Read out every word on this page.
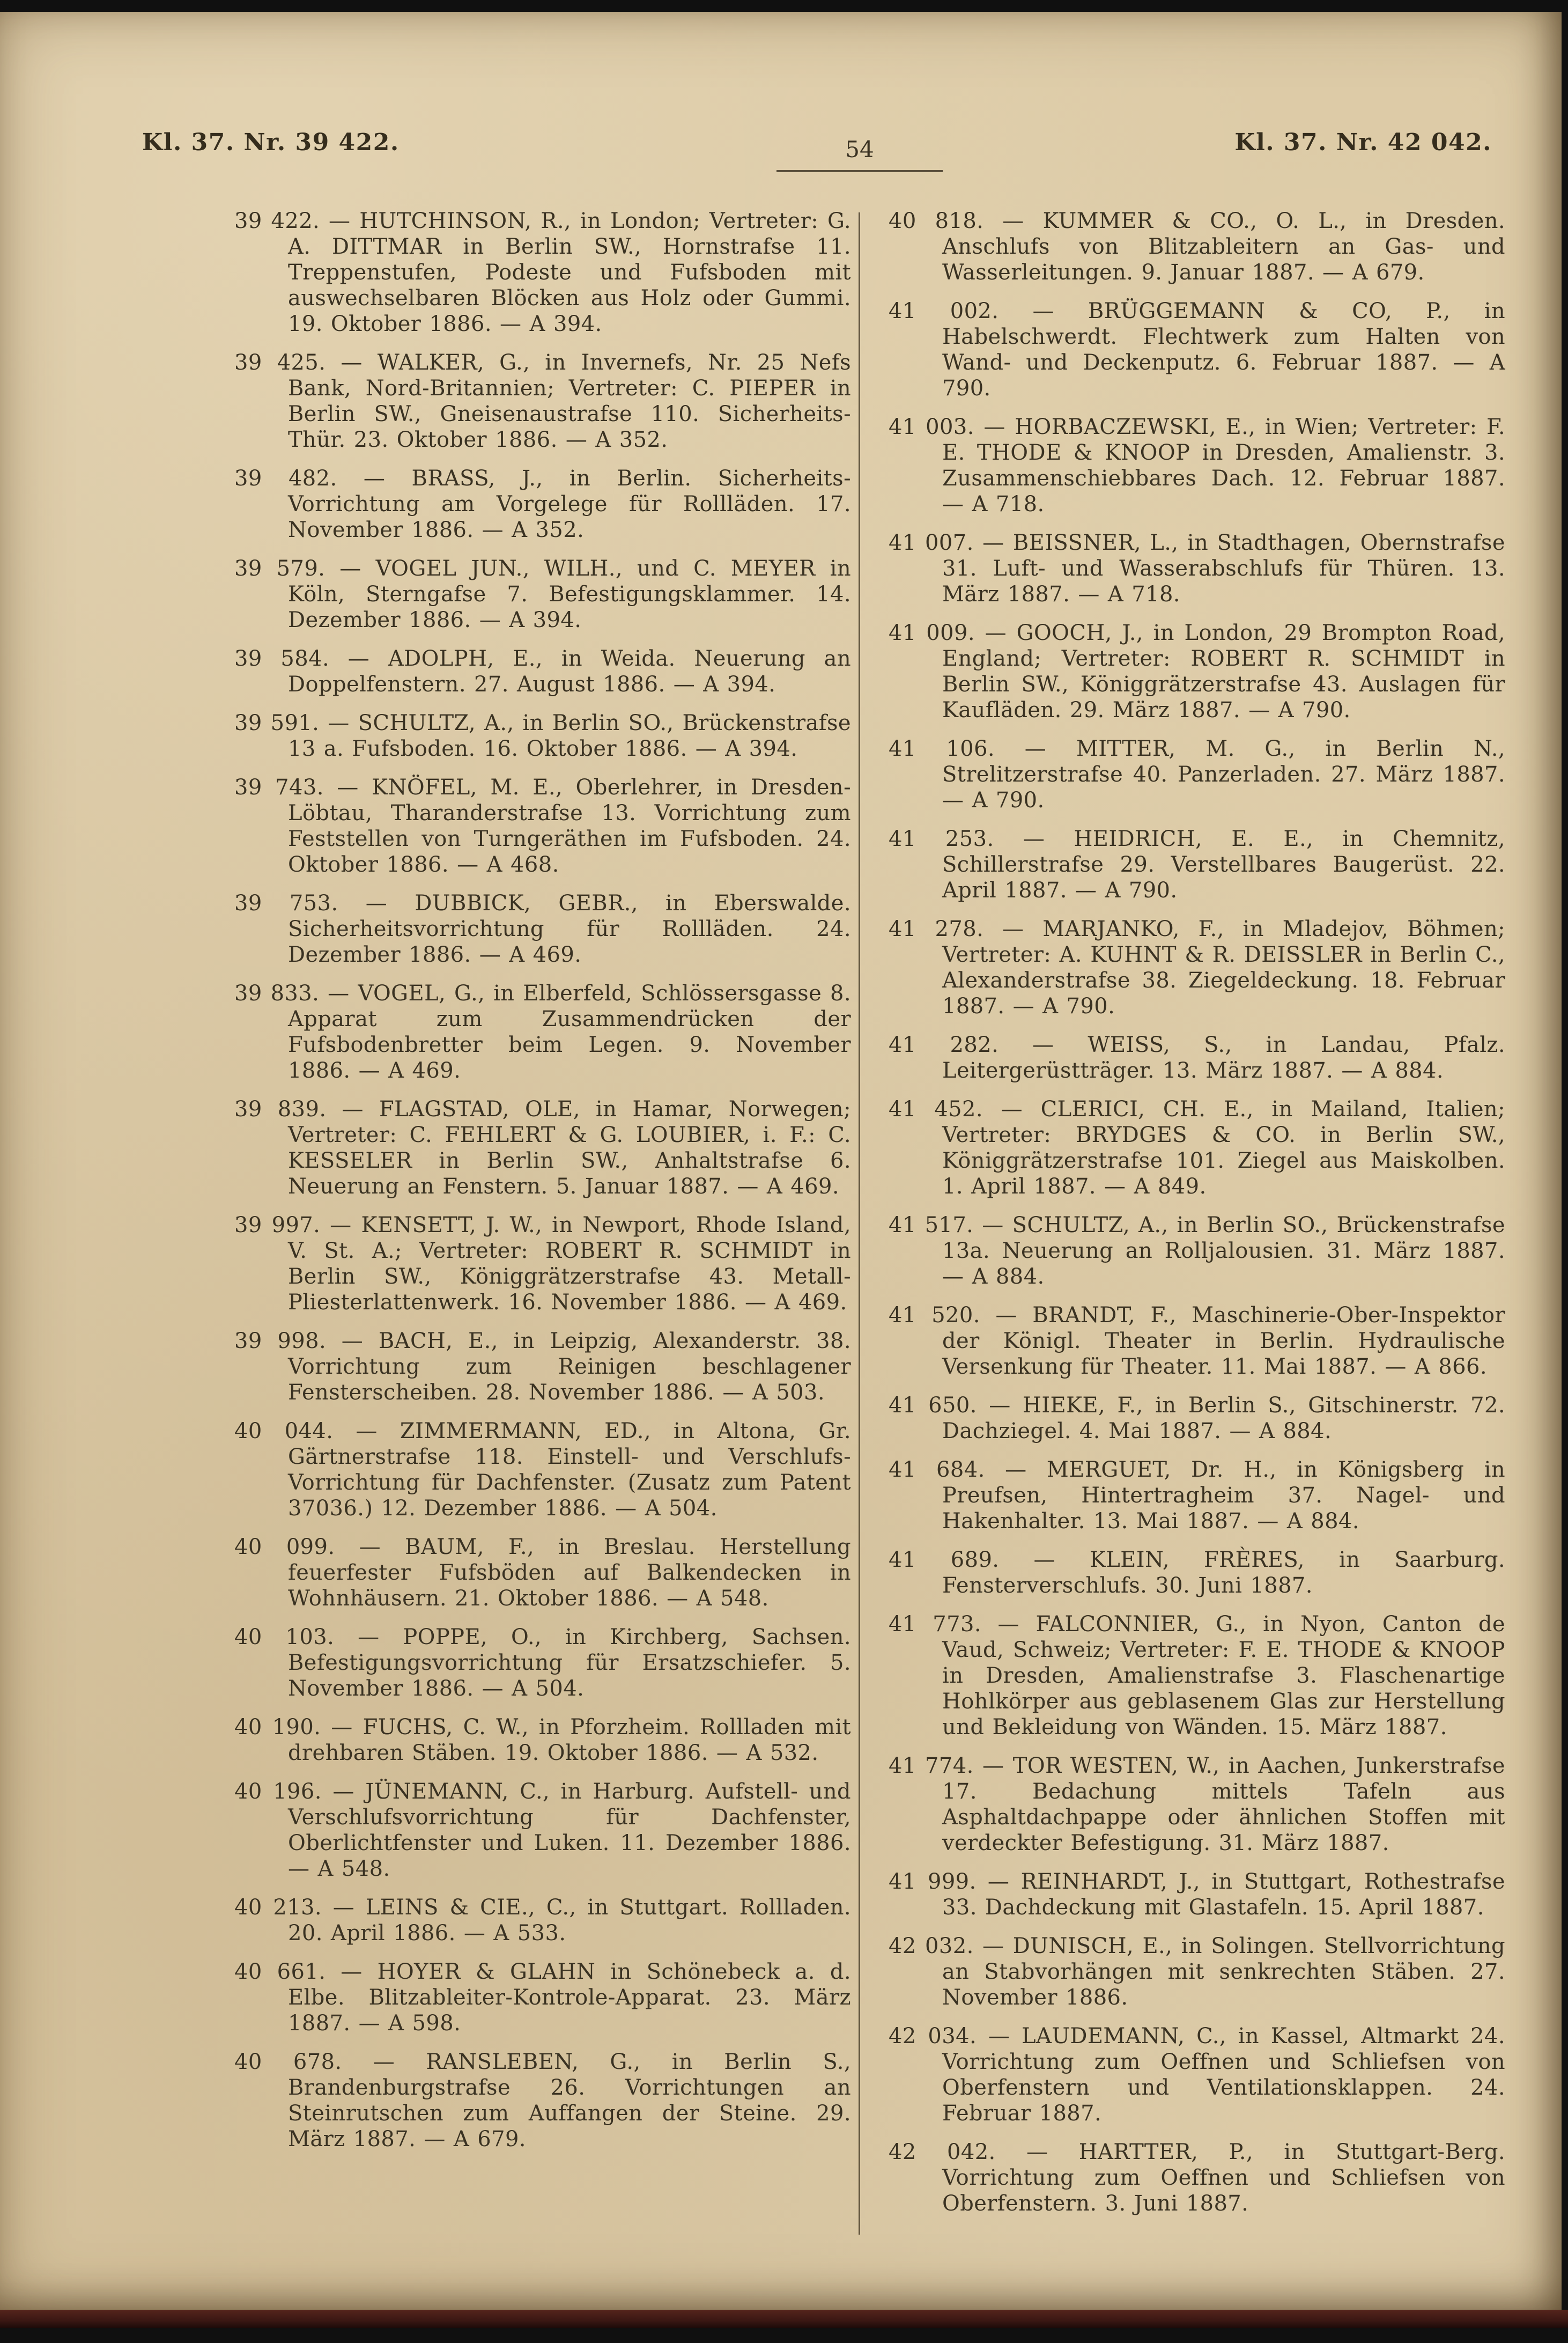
Kl. 37. Nr. 39 422.	54	Kl. 37. Nr. 42 042.

39 422. — HUTCHINSON, R., in London; Vertreter: G. A. DITTMAR in Berlin SW., Hornstrafse 11. Treppenstufen, Podeste und Fufsboden mit auswechselbaren Blöcken aus Holz oder Gummi. 19. Oktober 1886. — A 394.

39 425. — WALKER, G., in Invernefs, Nr. 25 Nefs Bank, Nord-Britannien; Vertreter: C. PIEPER in Berlin SW., Gneisenaustrafse 110. Sicherheits-Thür. 23. Oktober 1886. — A 352.

39 482. — BRASS, J., in Berlin. Sicherheits-Vorrichtung am Vorgelege für Rollläden. 17. November 1886. — A 352.

39 579. — VOGEL JUN., WILH., und C. MEYER in Köln, Sterngafse 7. Befestigungsklammer. 14. Dezember 1886. — A 394.

39 584. — ADOLPH, E., in Weida. Neuerung an Doppelfenstern. 27. August 1886. — A 394.

39 591. — SCHULTZ, A., in Berlin SO., Brückenstrafse 13 a. Fufsboden. 16. Oktober 1886. — A 394.

39 743. — KNÖFEL, M. E., Oberlehrer, in Dresden-Löbtau, Tharanderstrafse 13. Vorrichtung zum Feststellen von Turngeräthen im Fufsboden. 24. Oktober 1886. — A 468.

39 753. — DUBBICK, GEBR., in Eberswalde. Sicherheitsvorrichtung für Rollläden. 24. Dezember 1886. — A 469.

39 833. — VOGEL, G., in Elberfeld, Schlössersgasse 8. Apparat zum Zusammendrücken der Fufsbodenbretter beim Legen. 9. November 1886. — A 469.

39 839. — FLAGSTAD, OLE, in Hamar, Norwegen; Vertreter: C. FEHLERT & G. LOUBIER, i. F.: C. KESSELER in Berlin SW., Anhaltstrafse 6. Neuerung an Fenstern. 5. Januar 1887. — A 469.

39 997. — KENSETT, J. W., in Newport, Rhode Island, V. St. A.; Vertreter: ROBERT R. SCHMIDT in Berlin SW., Königgrätzerstrafse 43. Metall-Pliesterlattenwerk. 16. November 1886. — A 469.

39 998. — BACH, E., in Leipzig, Alexanderstr. 38. Vorrichtung zum Reinigen beschlagener Fensterscheiben. 28. November 1886. — A 503.

40 044. — ZIMMERMANN, ED., in Altona, Gr. Gärtnerstrafse 118. Einstell- und Verschlufs-Vorrichtung für Dachfenster. (Zusatz zum Patent 37036.) 12. Dezember 1886. — A 504.

40 099. — BAUM, F., in Breslau. Herstellung feuerfester Fufsböden auf Balkendecken in Wohnhäusern. 21. Oktober 1886. — A 548.

40 103. — POPPE, O., in Kirchberg, Sachsen. Befestigungsvorrichtung für Ersatzschiefer. 5. November 1886. — A 504.

40 190. — FUCHS, C. W., in Pforzheim. Rollladen mit drehbaren Stäben. 19. Oktober 1886. — A 532.

40 196. — JÜNEMANN, C., in Harburg. Aufstell- und Verschlufsvorrichtung für Dachfenster, Oberlichtfenster und Luken. 11. Dezember 1886. — A 548.

40 213. — LEINS & CIE., C., in Stuttgart. Rollladen. 20. April 1886. — A 533.

40 661. — HOYER & GLAHN in Schönebeck a. d. Elbe. Blitzableiter-Kontrole-Apparat. 23. März 1887. — A 598.

40 678. — RANSLEBEN, G., in Berlin S., Brandenburgstrafse 26. Vorrichtungen an Steinrutschen zum Auffangen der Steine. 29. März 1887. — A 679.

40 818. — KUMMER & CO., O. L., in Dresden. Anschlufs von Blitzableitern an Gas- und Wasserleitungen. 9. Januar 1887. — A 679.

41 002. — BRÜGGEMANN & CO, P., in Habelschwerdt. Flechtwerk zum Halten von Wand- und Deckenputz. 6. Februar 1887. — A 790.

41 003. — HORBACZEWSKI, E., in Wien; Vertreter: F. E. THODE & KNOOP in Dresden, Amalienstr. 3. Zusammenschiebbares Dach. 12. Februar 1887. — A 718.

41 007. — BEISSNER, L., in Stadthagen, Obernstrafse 31. Luft- und Wasserabschlufs für Thüren. 13. März 1887. — A 718.

41 009. — GOOCH, J., in London, 29 Brompton Road, England; Vertreter: ROBERT R. SCHMIDT in Berlin SW., Königgrätzerstrafse 43. Auslagen für Kaufläden. 29. März 1887. — A 790.

41 106. — MITTER, M. G., in Berlin N., Strelitzerstrafse 40. Panzerladen. 27. März 1887. — A 790.

41 253. — HEIDRICH, E. E., in Chemnitz, Schillerstrafse 29. Verstellbares Baugerüst. 22. April 1887. — A 790.

41 278. — MARJANKO, F., in Mladejov, Böhmen; Vertreter: A. KUHNT & R. DEISSLER in Berlin C., Alexanderstrafse 38. Ziegeldeckung. 18. Februar 1887. — A 790.

41 282. — WEISS, S., in Landau, Pfalz. Leitergerüstträger. 13. März 1887. — A 884.

41 452. — CLERICI, CH. E., in Mailand, Italien; Vertreter: BRYDGES & CO. in Berlin SW., Königgrätzerstrafse 101. Ziegel aus Maiskolben. 1. April 1887. — A 849.

41 517. — SCHULTZ, A., in Berlin SO., Brückenstrafse 13a. Neuerung an Rolljalousien. 31. März 1887. — A 884.

41 520. — BRANDT, F., Maschinerie-Ober-Inspektor der Königl. Theater in Berlin. Hydraulische Versenkung für Theater. 11. Mai 1887. — A 866.

41 650. — HIEKE, F., in Berlin S., Gitschinerstr. 72. Dachziegel. 4. Mai 1887. — A 884.

41 684. — MERGUET, Dr. H., in Königsberg in Preufsen, Hintertragheim 37. Nagel- und Hakenhalter. 13. Mai 1887. — A 884.

41 689. — KLEIN, FRÈRES, in Saarburg. Fensterverschlufs. 30. Juni 1887.

41 773. — FALCONNIER, G., in Nyon, Canton de Vaud, Schweiz; Vertreter: F. E. THODE & KNOOP in Dresden, Amalienstrafse 3. Flaschenartige Hohlkörper aus geblasenem Glas zur Herstellung und Bekleidung von Wänden. 15. März 1887.

41 774. — TOR WESTEN, W., in Aachen, Junkerstrafse 17. Bedachung mittels Tafeln aus Asphaltdachpappe oder ähnlichen Stoffen mit verdeckter Befestigung. 31. März 1887.

41 999. — REINHARDT, J., in Stuttgart, Rothestrafse 33. Dachdeckung mit Glastafeln. 15. April 1887.

42 032. — DUNISCH, E., in Solingen. Stellvorrichtung an Stabvorhängen mit senkrechten Stäben. 27. November 1886.

42 034. — LAUDEMANN, C., in Kassel, Altmarkt 24. Vorrichtung zum Oeffnen und Schliefsen von Oberfenstern und Ventilationsklappen. 24. Februar 1887.

42 042. — HARTTER, P., in Stuttgart-Berg. Vorrichtung zum Oeffnen und Schliefsen von Oberfenstern. 3. Juni 1887.
